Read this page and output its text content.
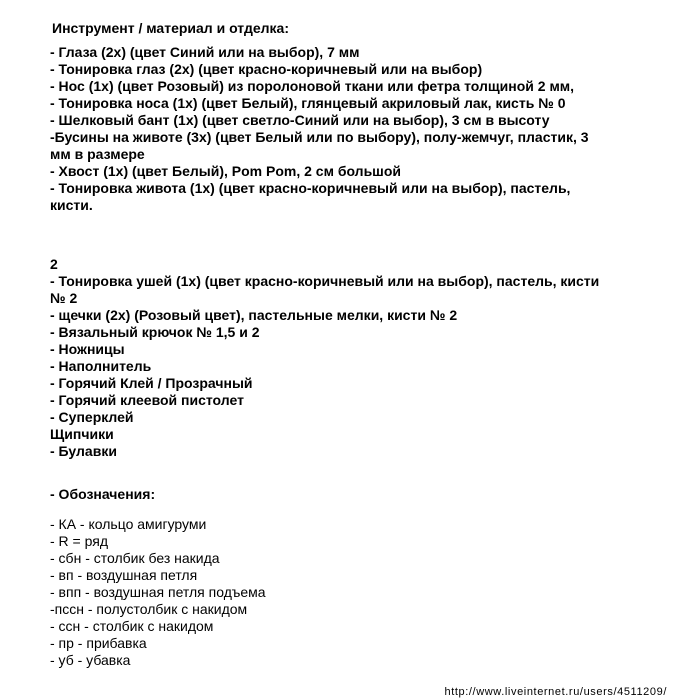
Инструмент / материал и отделка:
- Глаза (2х) (цвет Синий или на выбор), 7 мм
- Тонировка глаз (2х) (цвет красно-коричневый или на выбор)
- Нос (1х) (цвет Розовый) из поролоновой ткани или фетра толщиной 2 мм,
- Тонировка носа (1х) (цвет Белый), глянцевый акриловый лак, кисть № 0
- Шелковый бант (1х) (цвет светло-Синий или на выбор), 3 см в высоту
-Бусины на животе (3х) (цвет Белый или по выбору), полу-жемчуг, пластик, 3
мм в размере
- Хвост (1х) (цвет Белый), Pom Pom, 2 см большой
- Тонировка живота (1х) (цвет красно-коричневый или на выбор), пастель,
кисти.
2
- Тонировка ушей (1х) (цвет красно-коричневый или на выбор), пастель, кисти
№ 2
- щечки (2х) (Розовый цвет), пастельные мелки, кисти № 2
- Вязальный крючок № 1,5 и 2
- Ножницы
- Наполнитель
- Горячий Клей / Прозрачный
- Горячий клеевой пистолет
- Суперклей
Щипчики
- Булавки
- Обозначения:
- КА - кольцо амигуруми
- R = ряд
- сбн - столбик без накида
- вп - воздушная петля
- впп - воздушная петля подъема
-пссн - полустолбик с накидом
- ссн - столбик с накидом
- пр - прибавка
- уб - убавка
http://www.liveinternet.ru/users/4511209/
